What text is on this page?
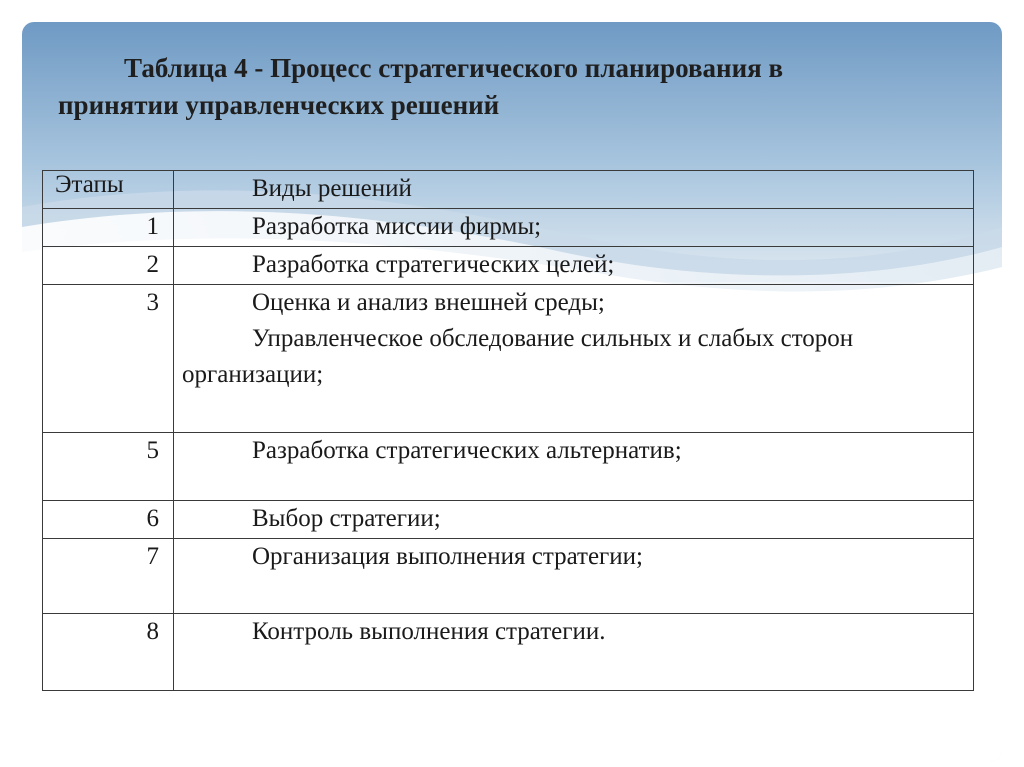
Таблица 4 - Процесс стратегического планирования в
принятии управленческих решений
Этапы	Виды решений

1	Разработка миссии фирмы;

2	Разработка стратегических целей;

3	Оценка и анализ внешней среды;
Управленческое обследование сильных и слабых сторон организации;

5	Разработка стратегических альтернатив;

6	Выбор стратегии;

7	Организация выполнения стратегии;

8	Контроль выполнения стратегии.
